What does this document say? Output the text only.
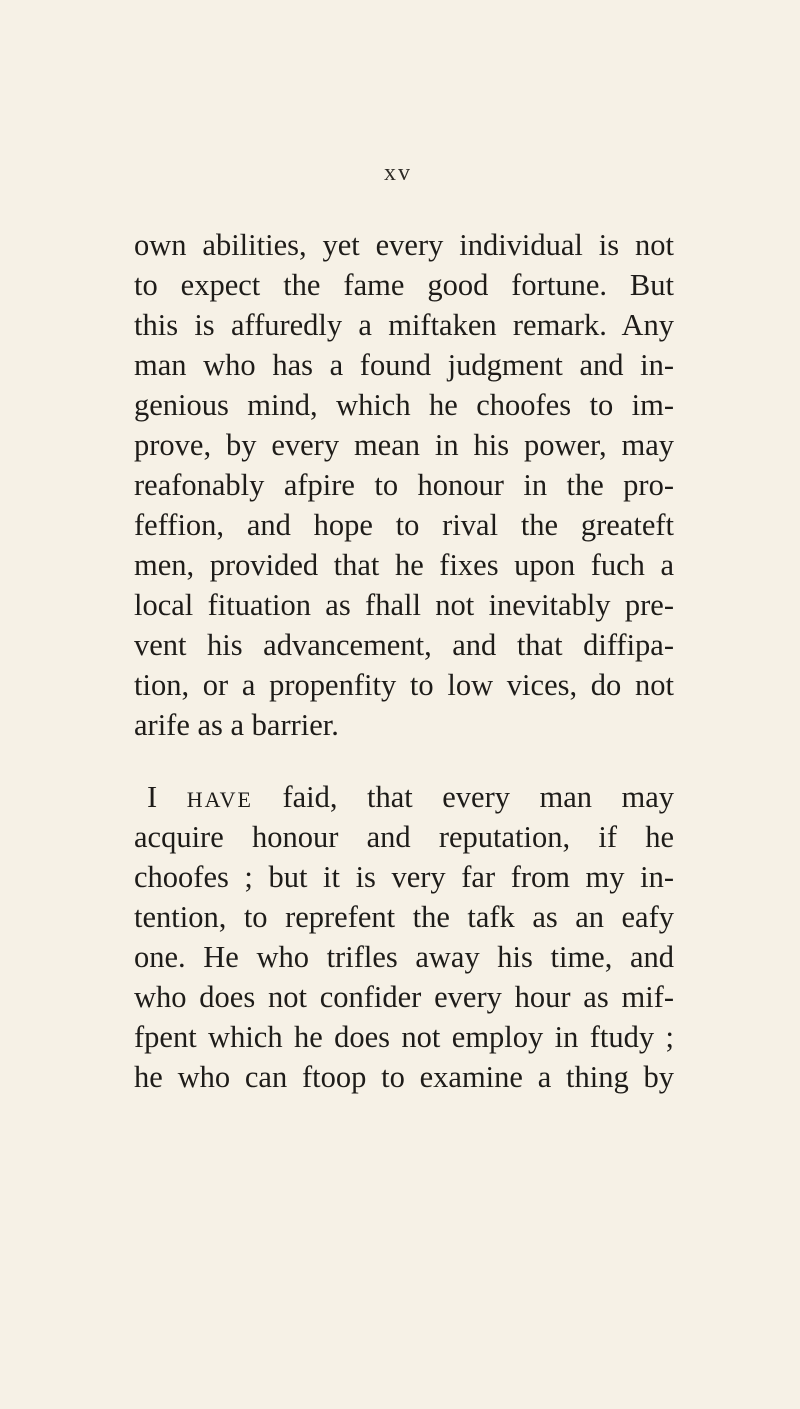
xv
own abilities, yet every individual is not
to expect the fame good fortune. But
this is affuredly a miftaken remark. Any
man who has a found judgment and in-
genious mind, which he choofes to im-
prove, by every mean in his power, may
reafonably afpire to honour in the pro-
feffion, and hope to rival the greateft
men, provided that he fixes upon fuch a
local fituation as fhall not inevitably pre-
vent his advancement, and that diffipa-
tion, or a propenfity to low vices, do not
arife as a barrier.
I HAVE faid, that every man may
acquire honour and reputation, if he
choofes ; but it is very far from my in-
tention, to reprefent the tafk as an eafy
one. He who trifles away his time, and
who does not confider every hour as mif-
fpent which he does not employ in ftudy ;
he who can ftoop to examine a thing by
